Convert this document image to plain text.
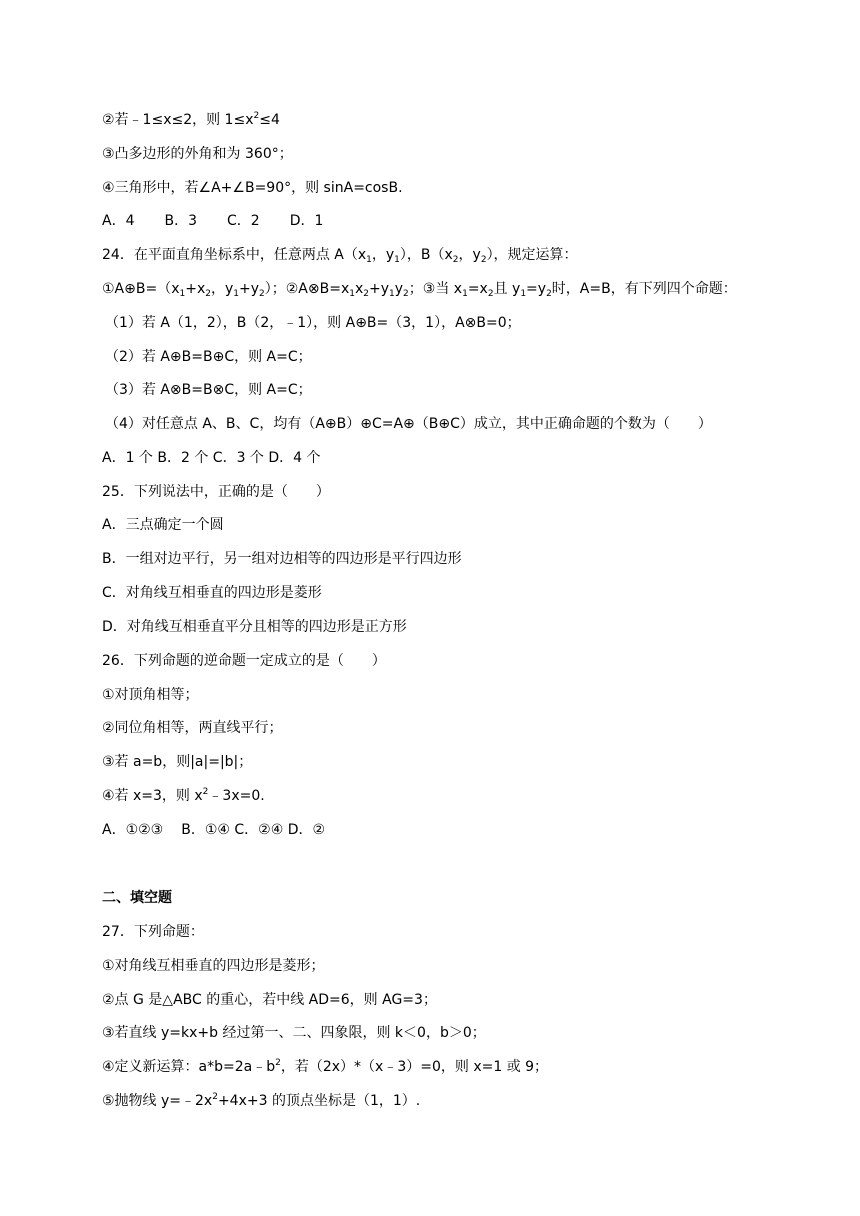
②若﹣1≤x≤2，则 $1\le x^2\le 4$
③凸多边形的外角和为 360°；
④三角形中，若∠A+∠B=90°，则 sinA=cosB.
A．4 B．3 C．2 D．1
24．在平面直角坐标系中，任意两点 $A(x_1$，$y_1$），$B(x_2$，$y_2$），规定运算：
$①A\oplus B=(x_1+x_2$，$y_1+y_2$）；$②A\otimes B=x_1x_2+y_1y_2$；③当 $x_1=x_2$且 $y_1=y_2$时，A=B，有下列四个命题：
（1）若 A（1，2），B（2，﹣1），则 A⊕B=（3，1），A⊗B=0；
（2）若 A⊕B=B⊕C，则 A=C；
（3）若 A⊗B=B⊗C，则 A=C；
（4）对任意点 A、B、C，均有（A⊕B）⊕C=A⊕（B⊕C）成立，其中正确命题的个数为（　　）
A．1 个 B．2 个 C．3 个 D．4 个
25．下列说法中，正确的是（　　）
A．三点确定一个圆
B．一组对边平行，另一组对边相等的四边形是平行四边形
C．对角线互相垂直的四边形是菱形
D．对角线互相垂直平分且相等的四边形是正方形
26．下列命题的逆命题一定成立的是（　　）
①对顶角相等；
②同位角相等，两直线平行；
③若 a=b，则|a|=|b|；
④若 x=3，则 $x^2﹣3x=0$.
A．①②③ B．①④ C．②④ D．②
二、填空题
27．下列命题：
①对角线互相垂直的四边形是菱形；
②点 G 是△ABC 的重心，若中线 AD=6，则 AG=3；
③若直线 y=kx+b 经过第一、二、四象限，则 k＜0，b＞0；
④定义新运算：$a*b=2a﹣b^2$，若（2x）*（x﹣3）=0，则 x=1 或 9；
⑤抛物线 $y=﹣2x^2+4x+3$ 的顶点坐标是（1，1）.
